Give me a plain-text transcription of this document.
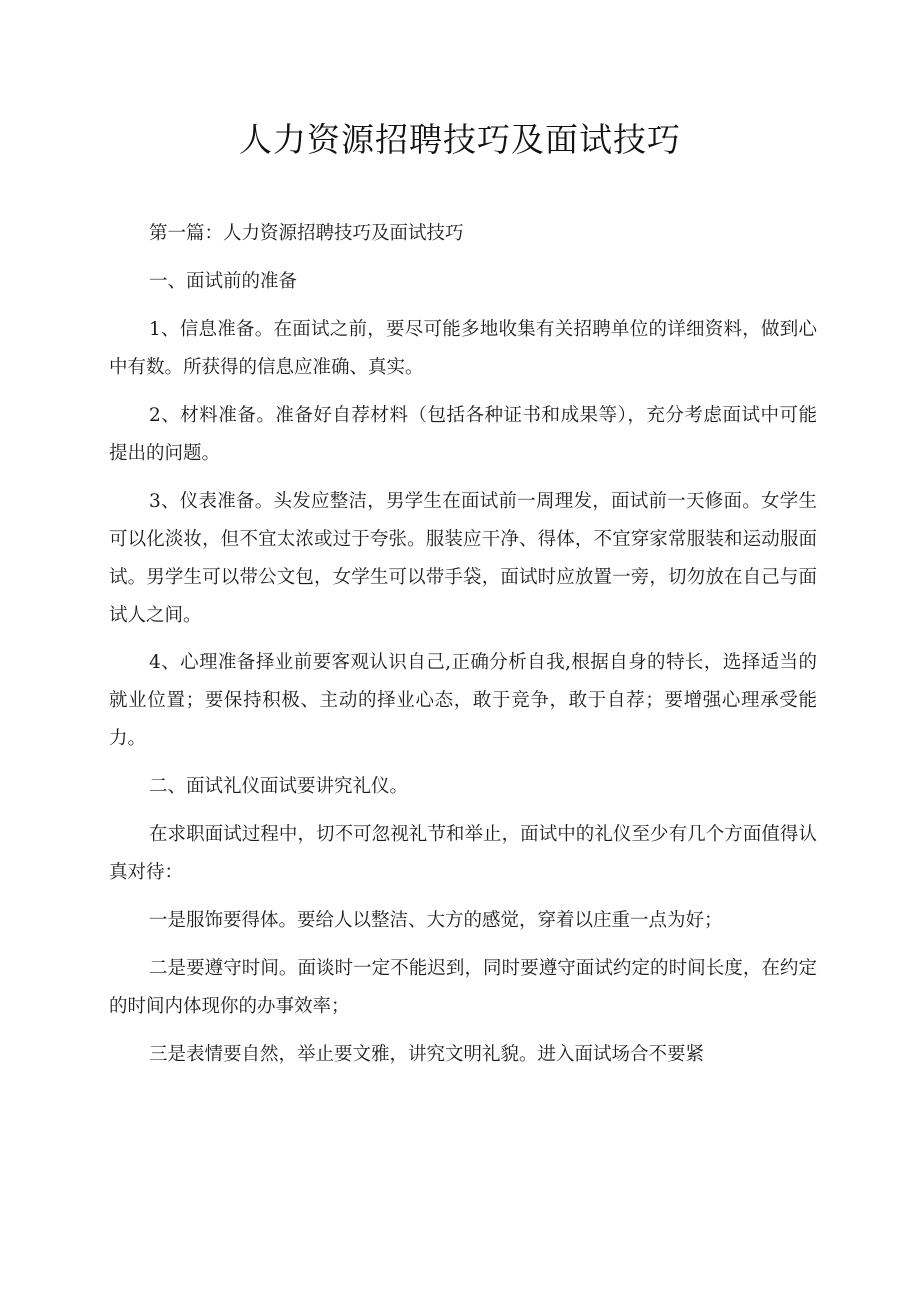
人力资源招聘技巧及面试技巧

第一篇：人力资源招聘技巧及面试技巧

一、面试前的准备

1、信息准备。在面试之前，要尽可能多地收集有关招聘单位的详细资料，做到心中有数。所获得的信息应准确、真实。

2、材料准备。准备好自荐材料（包括各种证书和成果等），充分考虑面试中可能提出的问题。

3、仪表准备。头发应整洁，男学生在面试前一周理发，面试前一天修面。女学生可以化淡妆，但不宜太浓或过于夸张。服装应干净、得体，不宜穿家常服装和运动服面试。男学生可以带公文包，女学生可以带手袋，面试时应放置一旁，切勿放在自己与面试人之间。

4、心理准备择业前要客观认识自己,正确分析自我,根据自身的特长，选择适当的就业位置；要保持积极、主动的择业心态，敢于竞争，敢于自荐；要增强心理承受能力。

二、面试礼仪面试要讲究礼仪。

在求职面试过程中，切不可忽视礼节和举止，面试中的礼仪至少有几个方面值得认真对待：

一是服饰要得体。要给人以整洁、大方的感觉，穿着以庄重一点为好；

二是要遵守时间。面谈时一定不能迟到，同时要遵守面试约定的时间长度，在约定的时间内体现你的办事效率；

三是表情要自然，举止要文雅，讲究文明礼貌。进入面试场合不要紧
